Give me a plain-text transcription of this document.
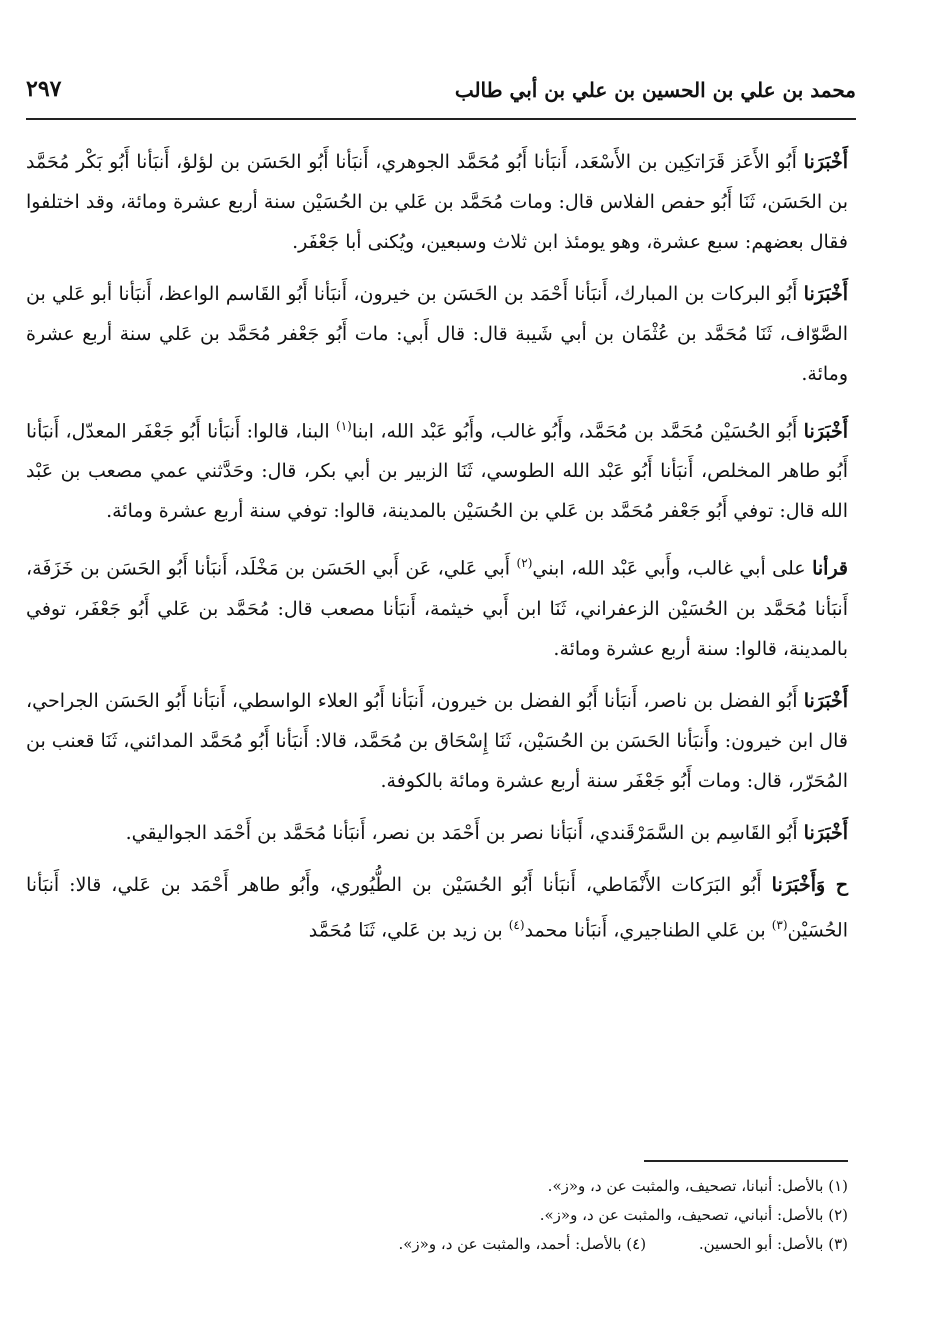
محمد بن علي بن الحسين بن علي بن أبي طالب
٢٩٧

أَخْبَرَنا أَبُو الأَعَز قَرَاتكِين بن الأَسْعَد، أَنبَأنا أَبُو مُحَمَّد الجوهري، أَنبَأنا أَبُو الحَسَن بن لؤلؤ، أَنبَأنا أَبُو بَكْر مُحَمَّد بن الحَسَن، ثَنَا أَبُو حفص الفلاس قال: ومات مُحَمَّد بن عَلي بن الحُسَيْن سنة أربع عشرة ومائة، وقد اختلفوا فقال بعضهم: سبع عشرة، وهو يومئذ ابن ثلاث وسبعين، ويُكنى أبا جَعْفَر.

أَخْبَرَنا أَبُو البركات بن المبارك، أَنبَأنا أَحْمَد بن الحَسَن بن خيرون، أَنبَأنا أَبُو القَاسم الواعظ، أَنبَأنا أبو عَلي بن الصَّوّاف، ثَنَا مُحَمَّد بن عُثْمَان بن أبي شَيبة قال: قال أَبي: مات أَبُو جَعْفر مُحَمَّد بن عَلي سنة أربع عشرة ومائة.

أَخْبَرَنا أَبُو الحُسَيْن مُحَمَّد بن مُحَمَّد، وأَبُو غالب، وأَبُو عَبْد الله، ابنا$^{(١)}$ البنا، قالوا: أَنبَأنا أَبُو جَعْفَر المعدّل، أَنبَأنا أَبُو طاهر المخلص، أَنبَأنا أَبُو عَبْد الله الطوسي، ثَنَا الزبير بن أبي بكر، قال: وحَدَّثني عمي مصعب بن عَبْد الله قال: توفي أَبُو جَعْفر مُحَمَّد بن عَلي بن الحُسَيْن بالمدينة، قالوا: توفي سنة أربع عشرة ومائة.

قرأنا على أبي غالب، وأَبي عَبْد الله، ابني$^{(٢)}$ أَبي عَلي، عَن أَبي الحَسَن بن مَخْلَد، أَنبَأنا أَبُو الحَسَن بن خَزَفَة، أَنبَأنا مُحَمَّد بن الحُسَيْن الزعفراني، ثَنَا ابن أَبي خيثمة، أَنبَأنا مصعب قال: مُحَمَّد بن عَلي أَبُو جَعْفَر، توفي بالمدينة، قالوا: سنة أربع عشرة ومائة.

أَخْبَرَنا أَبُو الفضل بن ناصر، أَنبَأنا أَبُو الفضل بن خيرون، أَنبَأنا أَبُو العلاء الواسطي، أَنبَأنا أَبُو الحَسَن الجراحي، قال ابن خيرون: وأَنبَأنا الحَسَن بن الحُسَيْن، ثَنَا إِسْحَاق بن مُحَمَّد، قالا: أَنبَأنا أَبُو مُحَمَّد المدائني، ثَنَا قعنب بن المُحَرّر، قال: ومات أَبُو جَعْفَر سنة أربع عشرة ومائة بالكوفة.

أَخْبَرَنا أَبُو القَاسِم بن السَّمَرْقَندي، أَنبَأنا نصر بن أَحْمَد بن نصر، أَنبَأنا مُحَمَّد بن أَحْمَد الجواليقي.

ح وَأَخْبَرَنا أَبُو البَرَكات الأَنْمَاطي، أَنبَأنا أَبُو الحُسَيْن بن الطُّيُوري، وأَبُو طاهر أَحْمَد بن عَلي، قالا: أَنبَأنا الحُسَيْن$^{(٣)}$ بن عَلي الطناجيري، أَنبَأنا محمد$^{(٤)}$ بن زيد بن عَلي، ثَنَا مُحَمَّد

(١) بالأصل: أنبانا، تصحيف، والمثبت عن د، و«ز».
(٢) بالأصل: أنباني، تصحيف، والمثبت عن د، و«ز».
(٣) بالأصل: أبو الحسين. (٤) بالأصل: أحمد، والمثبت عن د، و«ز».
